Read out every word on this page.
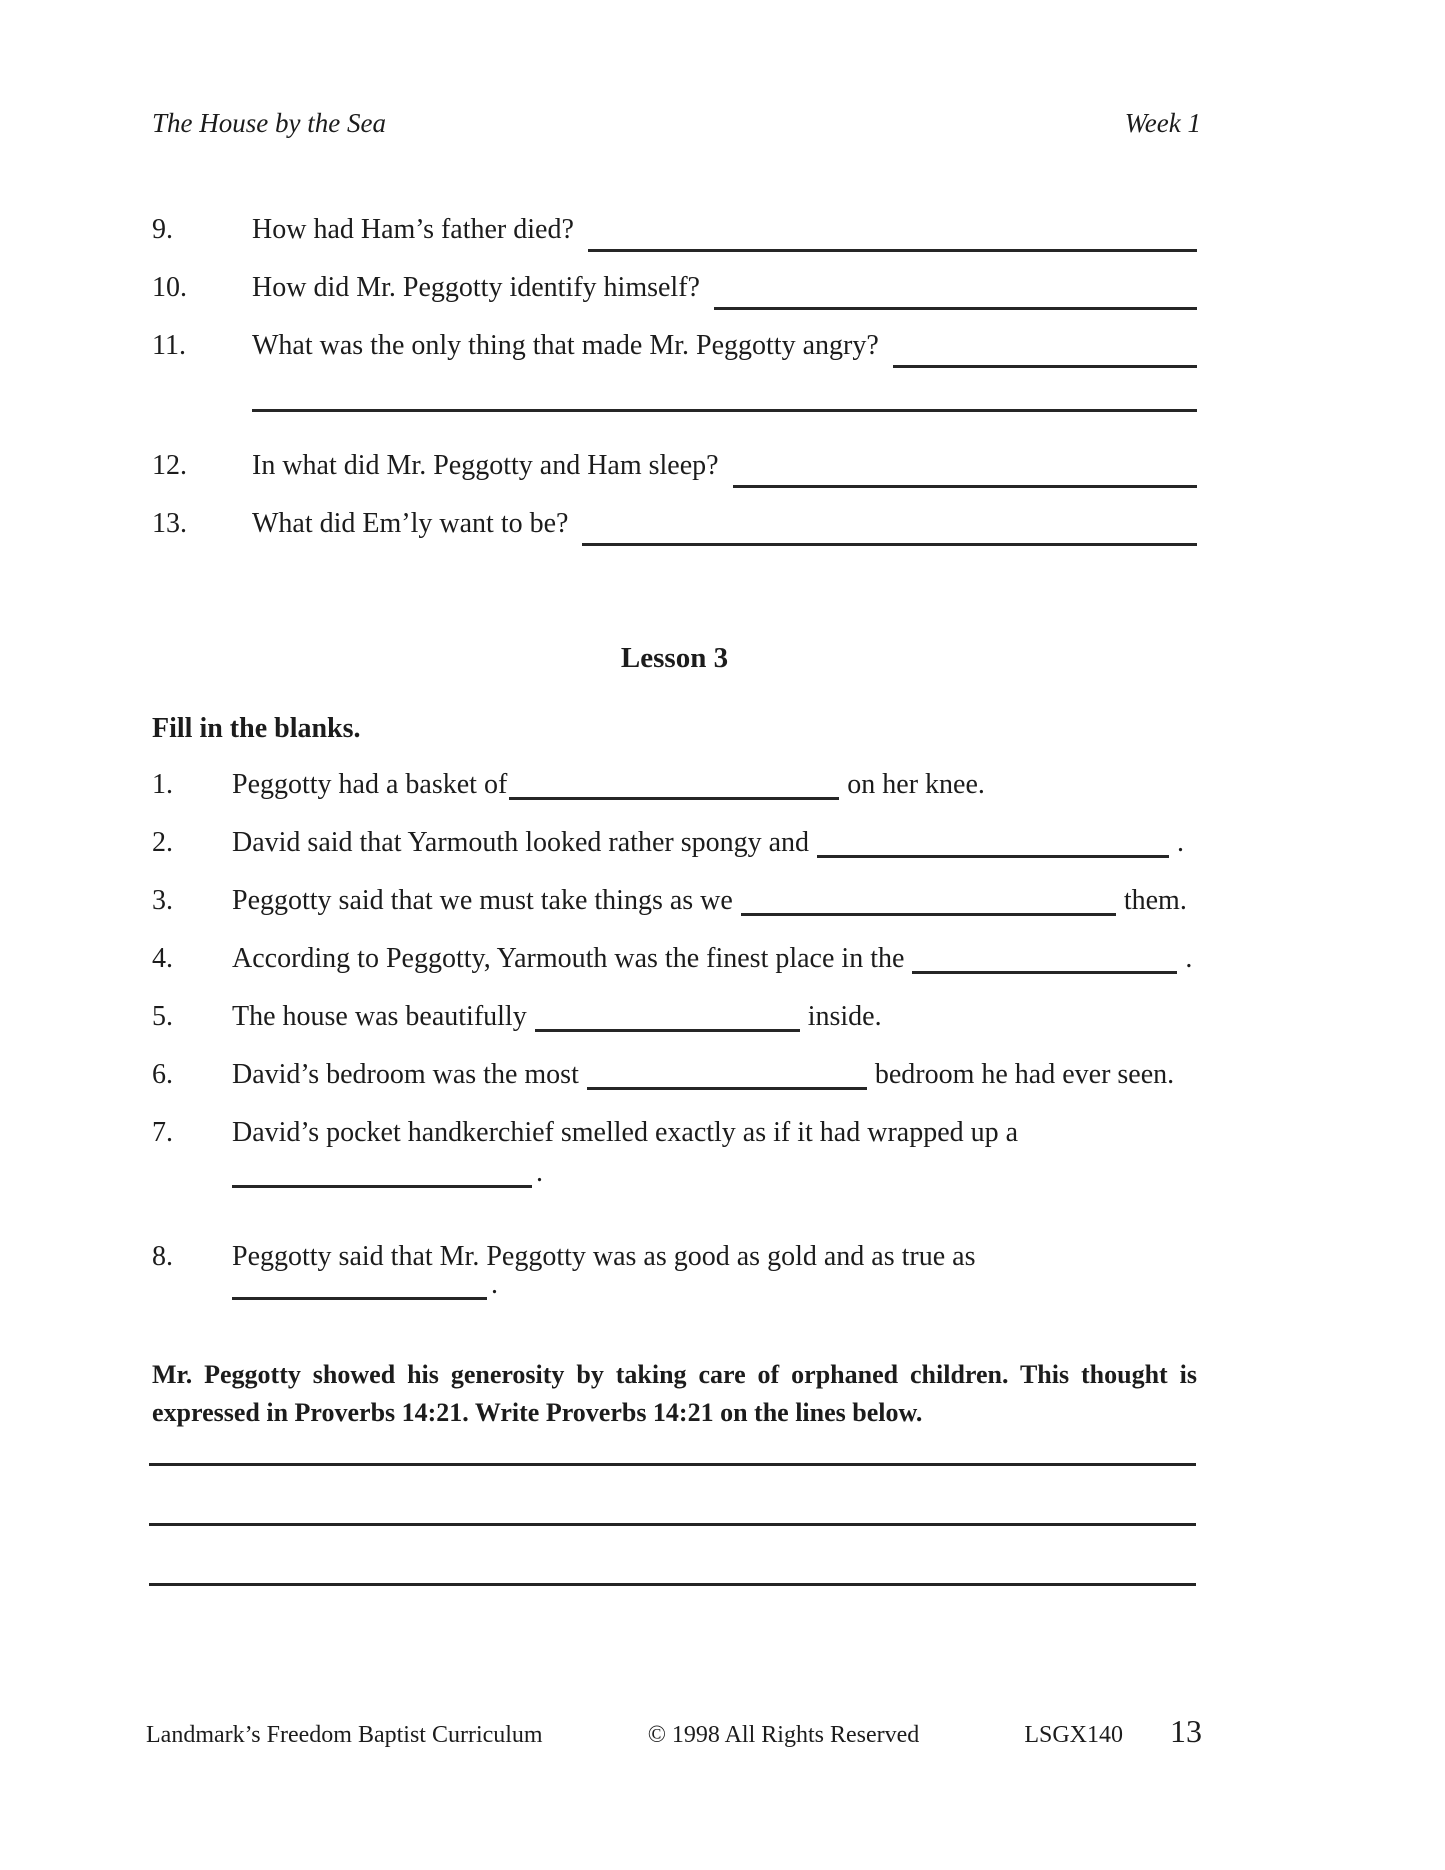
The House by the Sea	Week 1
9.	How had Ham’s father died?
10.	How did Mr. Peggotty identify himself?
11.	What was the only thing that made Mr. Peggotty angry?
12.	In what did Mr. Peggotty and Ham sleep?
13.	What did Em’ly want to be?
Lesson 3
Fill in the blanks.
1. Peggotty had a basket of	on her knee.
2. David said that Yarmouth looked rather spongy and	.
3. Peggotty said that we must take things as we	them.
4. According to Peggotty, Yarmouth was the finest place in the	.
5. The house was beautifully	inside.
6. David’s bedroom was the most	bedroom he had ever seen.
7. David’s pocket handkerchief smelled exactly as if it had wrapped up a
.
8. Peggotty said that Mr. Peggotty was as good as gold and as true as
.
Mr. Peggotty showed his generosity by taking care of orphaned children. This thought is
expressed in Proverbs 14:21. Write Proverbs 14:21 on the lines below.
Landmark’s Freedom Baptist Curriculum	© 1998 All Rights Reserved	LSGX140 13
